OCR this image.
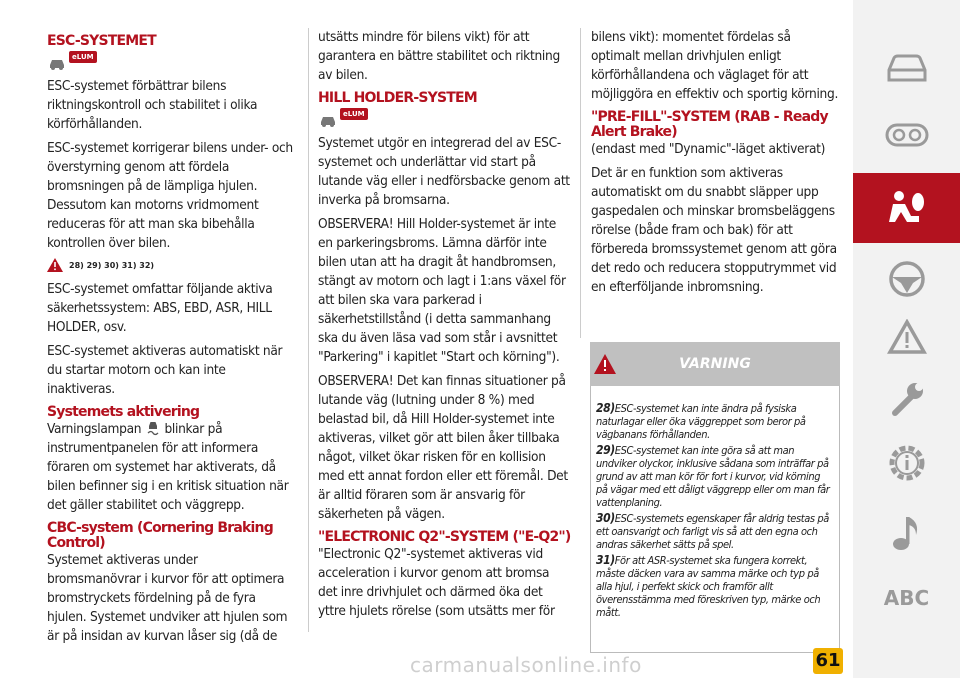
ESC-SYSTEMET
eLUM

ESC-systemet förbättrar bilens riktningskontroll och stabilitet i olika körförhållanden.

ESC-systemet korrigerar bilens under- och överstyrning genom att fördela bromsningen på de lämpliga hjulen. Dessutom kan motorns vridmoment reduceras för att man ska bibehålla kontrollen över bilen.

28) 29) 30) 31) 32)

ESC-systemet omfattar följande aktiva säkerhetssystem: ABS, EBD, ASR, HILL HOLDER, osv.

ESC-systemet aktiveras automatiskt när du startar motorn och kan inte inaktiveras.

Systemets aktivering

Varningslampan blinkar på instrumentpanelen för att informera föraren om systemet har aktiverats, då bilen befinner sig i en kritisk situation när det gäller stabilitet och väggrepp.

CBC-system (Cornering Braking Control)

Systemet aktiveras under bromsmanövrar i kurvor för att optimera bromstryckets fördelning på de fyra hjulen. Systemet undviker att hjulen som är på insidan av kurvan låser sig (då de

utsätts mindre för bilens vikt) för att garantera en bättre stabilitet och riktning av bilen.

HILL HOLDER-SYSTEM
eLUM

Systemet utgör en integrerad del av ESC-systemet och underlättar vid start på lutande väg eller i nedförsbacke genom att inverka på bromsarna.

OBSERVERA! Hill Holder-systemet är inte en parkeringsbroms. Lämna därför inte bilen utan att ha dragit åt handbromsen, stängt av motorn och lagt i 1:ans växel för att bilen ska vara parkerad i säkerhetstillstånd (i detta sammanhang ska du även läsa vad som står i avsnittet "Parkering" i kapitlet "Start och körning").

OBSERVERA! Det kan finnas situationer på lutande väg (lutning under 8 %) med belastad bil, då Hill Holder-systemet inte aktiveras, vilket gör att bilen åker tillbaka något, vilket ökar risken för en kollision med ett annat fordon eller ett föremål. Det är alltid föraren som är ansvarig för säkerheten på vägen.

"ELECTRONIC Q2"-SYSTEM ("E-Q2")

"Electronic Q2"-systemet aktiveras vid acceleration i kurvor genom att bromsa det inre drivhjulet och därmed öka det yttre hjulets rörelse (som utsätts mer för

bilens vikt): momentet fördelas så optimalt mellan drivhjulen enligt körförhållandena och väglaget för att möjliggöra en effektiv och sportig körning.

"PRE-FILL"-SYSTEM (RAB - Ready Alert Brake)

(endast med "Dynamic"-läget aktiverat)

Det är en funktion som aktiveras automatiskt om du snabbt släpper upp gaspedalen och minskar bromsbeläggens rörelse (både fram och bak) för att förbereda bromssystemet genom att göra det redo och reducera stopputrymmet vid en efterföljande inbromsning.

VARNING

28)ESC-systemet kan inte ändra på fysiska naturlagar eller öka väggreppet som beror på vägbanans förhållanden.

29)ESC-systemet kan inte göra så att man undviker olyckor, inklusive sådana som inträffar på grund av att man kör för fort i kurvor, vid körning på vägar med ett dåligt väggrepp eller om man får vattenplaning.

30)ESC-systemets egenskaper får aldrig testas på ett oansvarigt och farligt vis så att den egna och andras säkerhet sätts på spel.

31)För att ASR-systemet ska fungera korrekt, måste däcken vara av samma märke och typ på alla hjul, i perfekt skick och framför allt överensstämma med föreskriven typ, märke och mått.

ABC
carmanualsonline.info	61
